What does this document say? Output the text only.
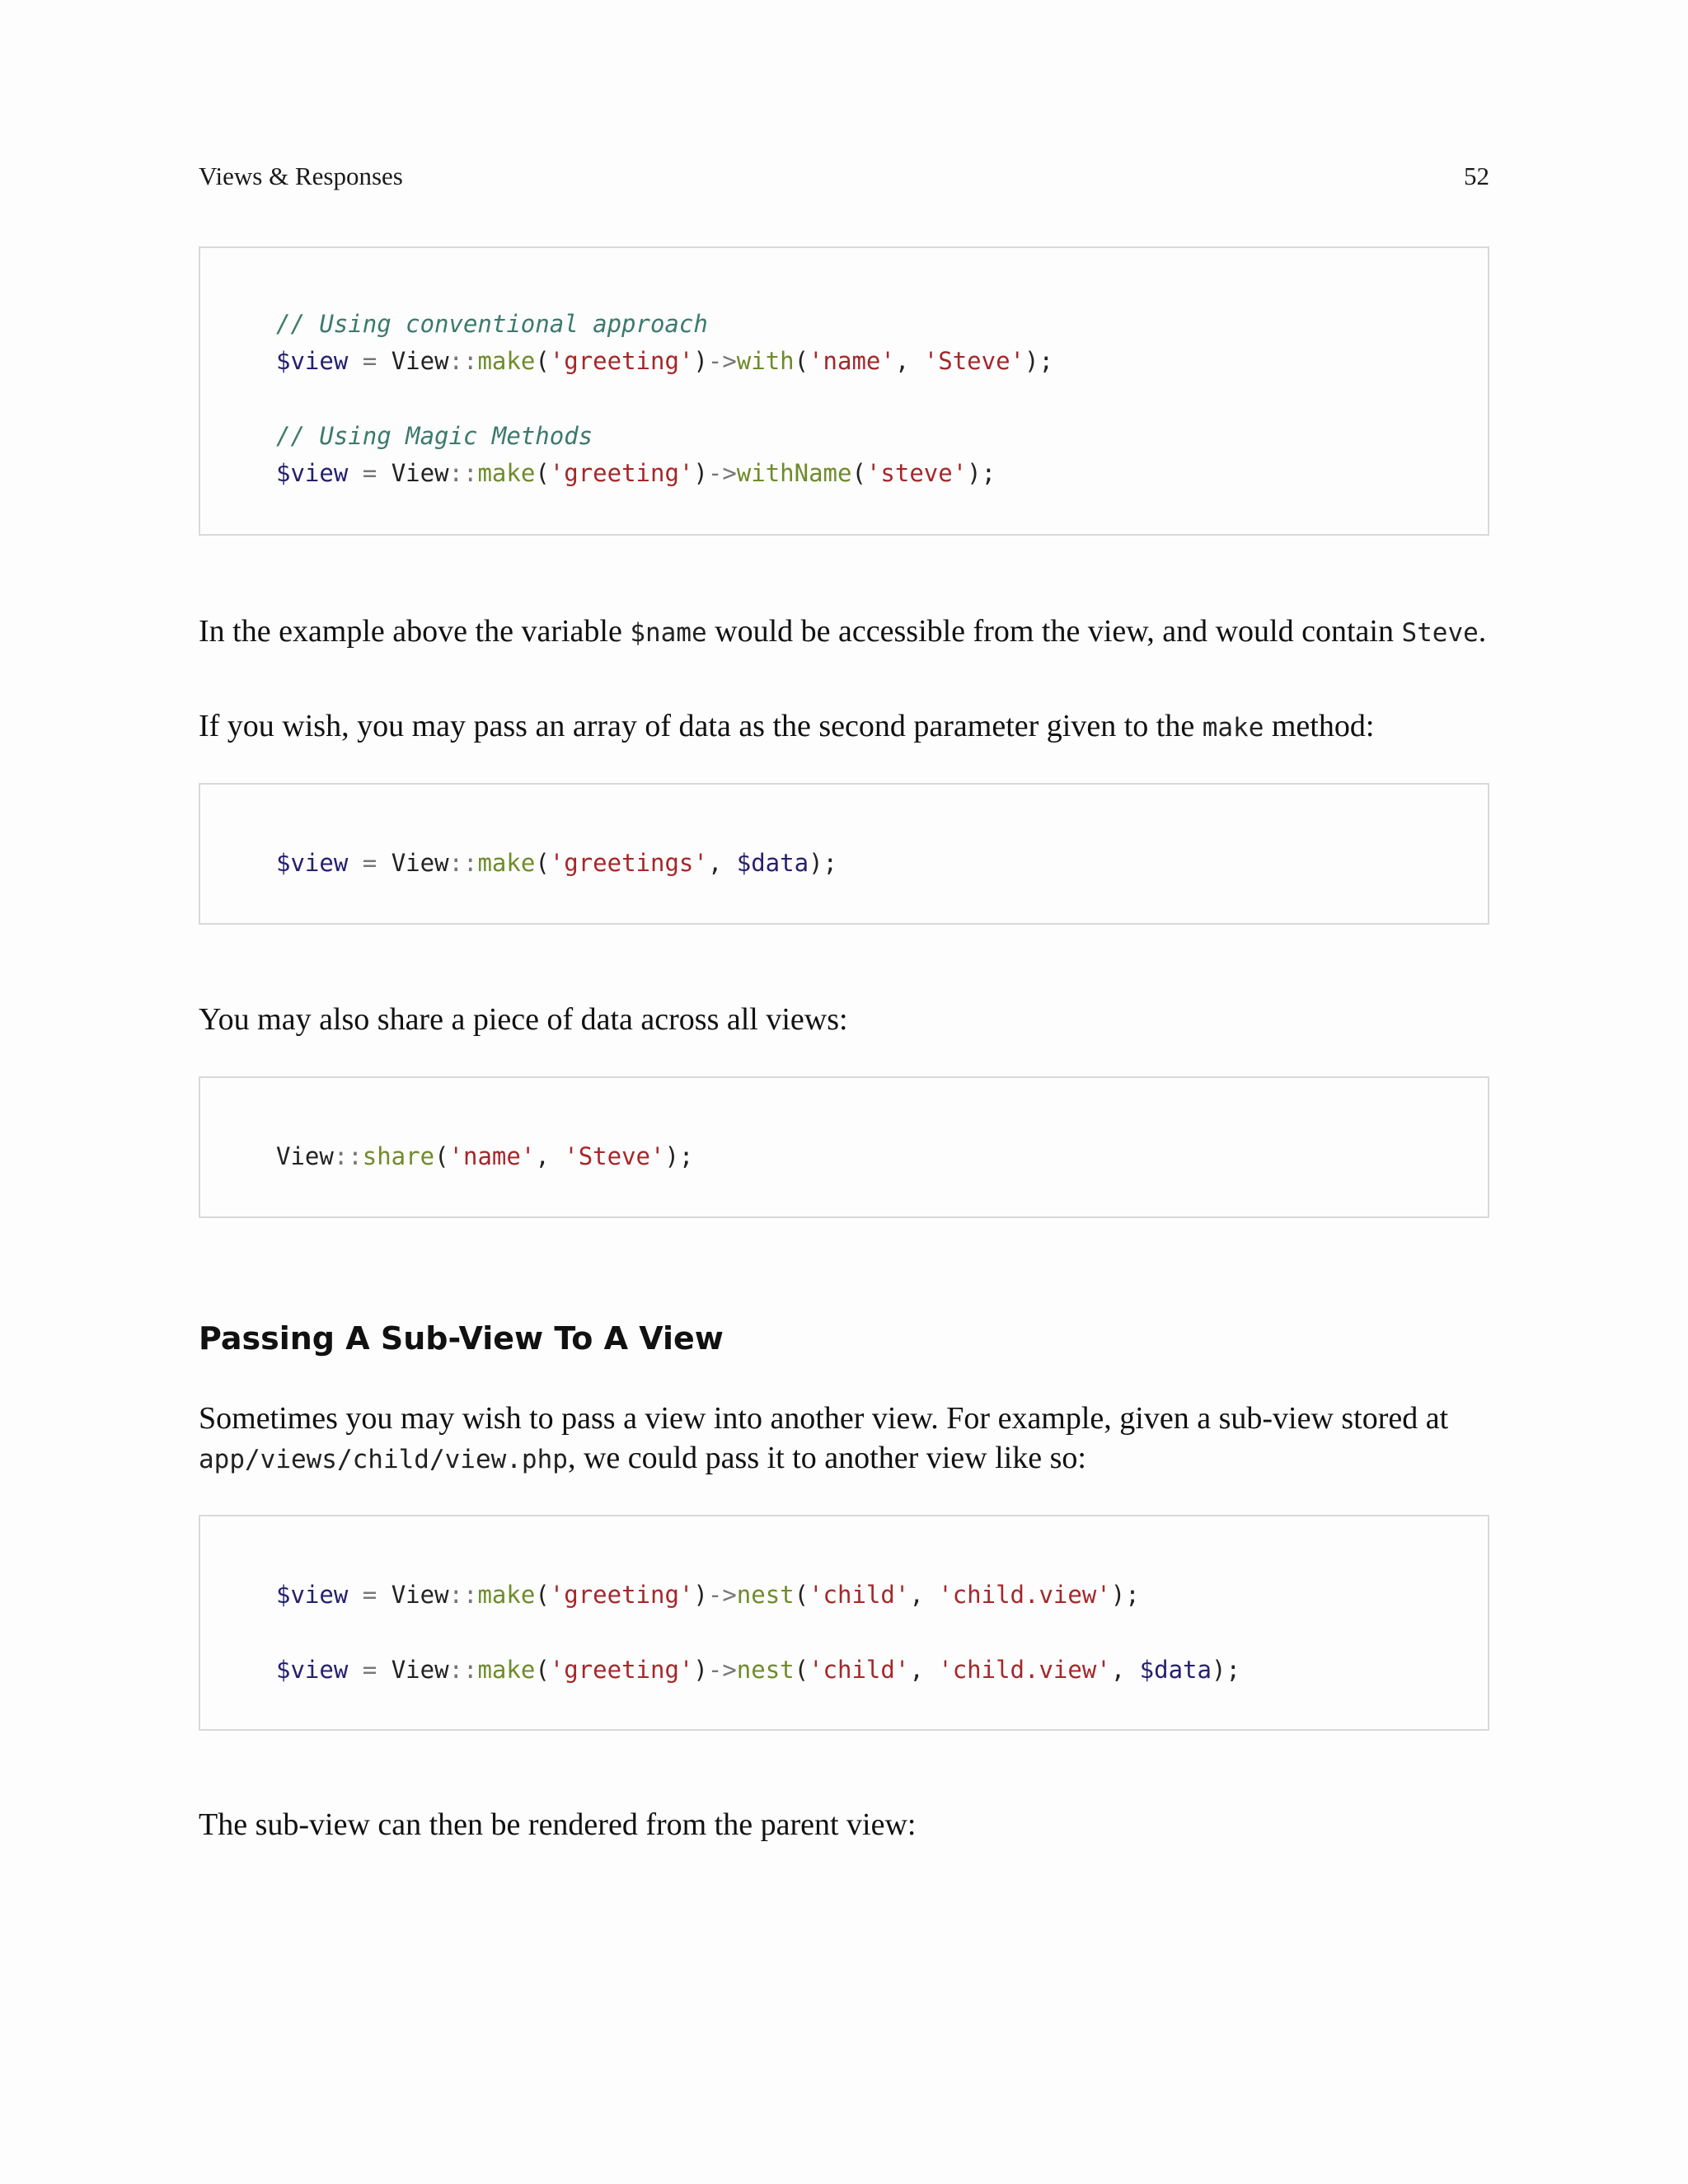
Views & Responses	52
// Using conventional approach
$view = View::make('greeting')->with('name', 'Steve');
// Using Magic Methods
$view = View::make('greeting')->withName('steve');

In the example above the variable $name would be accessible from the view, and would contain Steve.

If you wish, you may pass an array of data as the second parameter given to the make method:

$view = View::make('greetings', $data);

You may also share a piece of data across all views:

View::share('name', 'Steve');
Passing A Sub-View To A View

Sometimes you may wish to pass a view into another view. For example, given a sub-view stored at app/views/child/view.php, we could pass it to another view like so:

$view = View::make('greeting')->nest('child', 'child.view');
$view = View::make('greeting')->nest('child', 'child.view', $data);

The sub-view can then be rendered from the parent view:
